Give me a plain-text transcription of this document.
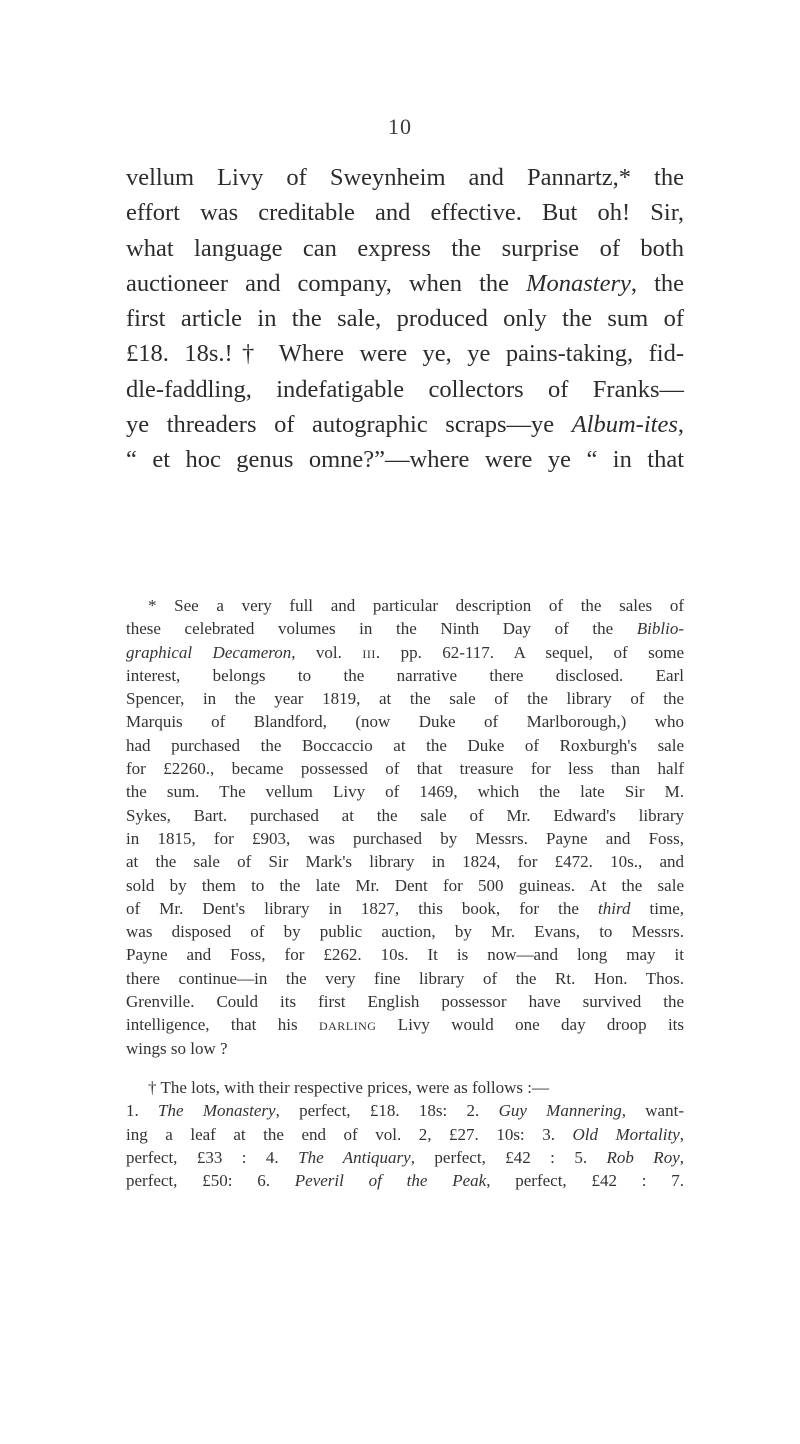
10
vellum Livy of Sweynheim and Pannartz,* the
effort was creditable and effective. But oh! Sir,
what language can express the surprise of both
auctioneer and company, when the Monastery, the
first article in the sale, produced only the sum of
£18. 18s.!† Where were ye, ye pains-taking, fid-
dle-faddling, indefatigable collectors of Franks—
ye threaders of autographic scraps—ye Album-ites,
“ et hoc genus omne?”—where were ye “ in that
* See a very full and particular description of the sales of
these celebrated volumes in the Ninth Day of the Biblio-
graphical Decameron, vol. iii. pp. 62-117. A sequel, of some
interest, belongs to the narrative there disclosed. Earl
Spencer, in the year 1819, at the sale of the library of the
Marquis of Blandford, (now Duke of Marlborough,) who
had purchased the Boccaccio at the Duke of Roxburgh's sale
for £2260., became possessed of that treasure for less than half
the sum. The vellum Livy of 1469, which the late Sir M.
Sykes, Bart. purchased at the sale of Mr. Edward's library
in 1815, for £903, was purchased by Messrs. Payne and Foss,
at the sale of Sir Mark's library in 1824, for £472. 10s., and
sold by them to the late Mr. Dent for 500 guineas. At the sale
of Mr. Dent's library in 1827, this book, for the third time,
was disposed of by public auction, by Mr. Evans, to Messrs.
Payne and Foss, for £262. 10s. It is now—and long may it
there continue—in the very fine library of the Rt. Hon. Thos.
Grenville. Could its first English possessor have survived the
intelligence, that his darling Livy would one day droop its
wings so low ?
† The lots, with their respective prices, were as follows :—
1. The Monastery, perfect, £18. 18s: 2. Guy Mannering, want-
ing a leaf at the end of vol. 2, £27. 10s: 3. Old Mortality,
perfect, £33 : 4. The Antiquary, perfect, £42 : 5. Rob Roy,
perfect, £50: 6. Peveril of the Peak, perfect, £42 : 7.
